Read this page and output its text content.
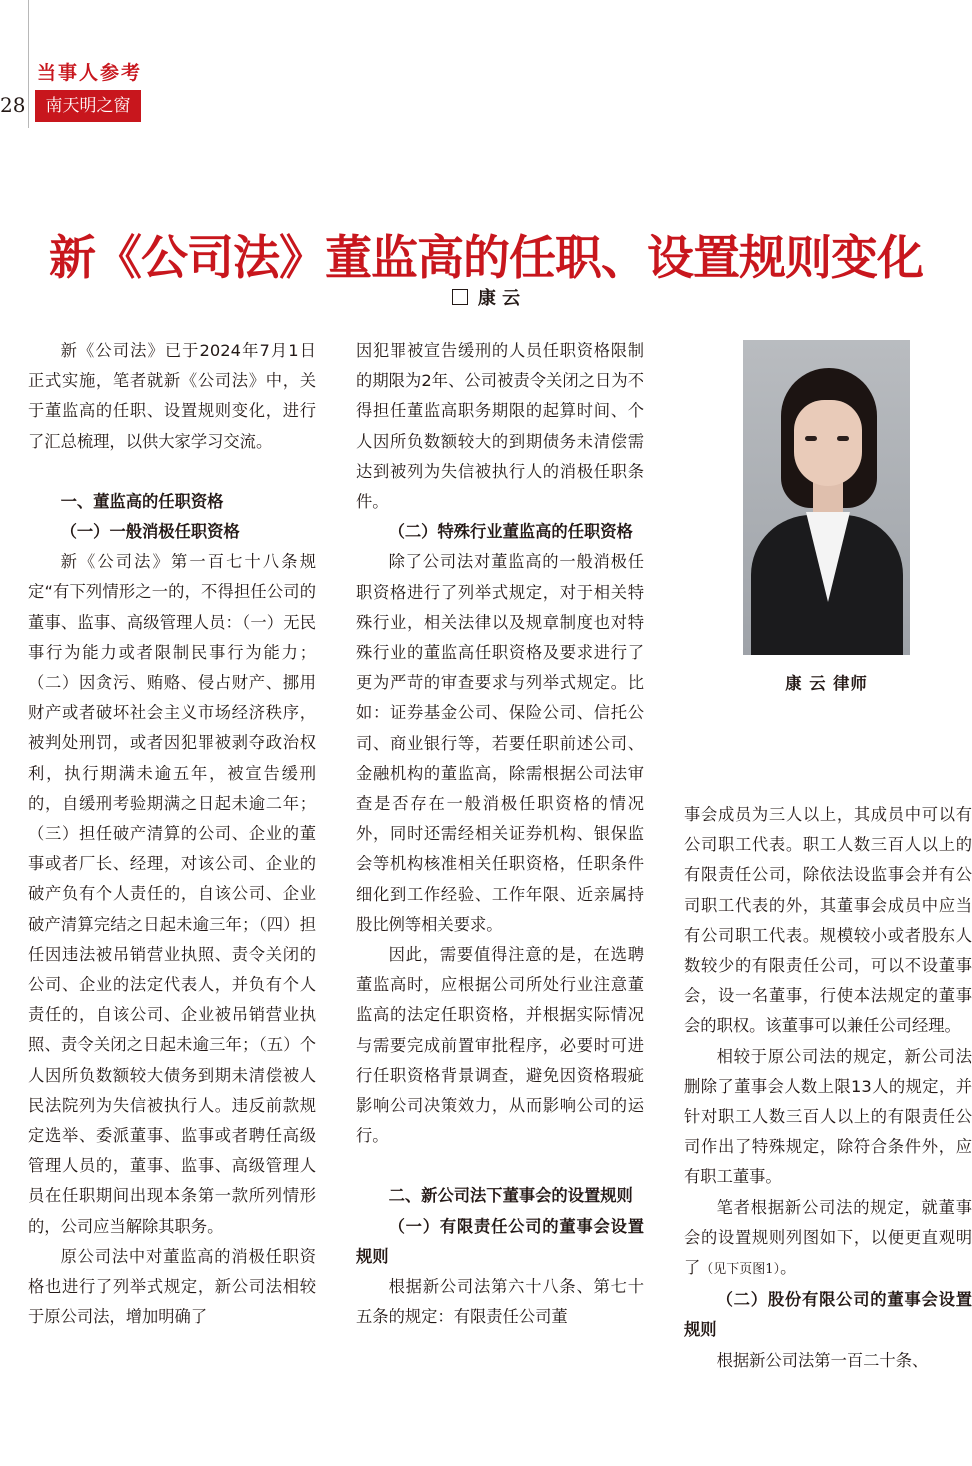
当事人参考
28	南天明之窗
新《公司法》董监高的任职、设置规则变化
康 云

新《公司法》已于2024年7月1日正式实施，笔者就新《公司法》中，关于董监高的任职、设置规则变化，进行了汇总梳理，以供大家学习交流。

一、董监高的任职资格
（一）一般消极任职资格

新《公司法》第一百七十八条规定“有下列情形之一的，不得担任公司的董事、监事、高级管理人员：（一）无民事行为能力或者限制民事行为能力；（二）因贪污、贿赂、侵占财产、挪用财产或者破坏社会主义市场经济秩序，被判处刑罚，或者因犯罪被剥夺政治权利，执行期满未逾五年，被宣告缓刑的，自缓刑考验期满之日起未逾二年；（三）担任破产清算的公司、企业的董事或者厂长、经理，对该公司、企业的破产负有个人责任的，自该公司、企业破产清算完结之日起未逾三年；（四）担任因违法被吊销营业执照、责令关闭的公司、企业的法定代表人，并负有个人责任的，自该公司、企业被吊销营业执照、责令关闭之日起未逾三年；（五）个人因所负数额较大债务到期未清偿被人民法院列为失信被执行人。违反前款规定选举、委派董事、监事或者聘任高级管理人员的，董事、监事、高级管理人员在任职期间出现本条第一款所列情形的，公司应当解除其职务。

原公司法中对董监高的消极任职资格也进行了列举式规定，新公司法相较于原公司法，增加明确了

因犯罪被宣告缓刑的人员任职资格限制的期限为2年、公司被责令关闭之日为不得担任董监高职务期限的起算时间、个人因所负数额较大的到期债务未清偿需达到被列为失信被执行人的消极任职条件。

（二）特殊行业董监高的任职资格

除了公司法对董监高的一般消极任职资格进行了列举式规定，对于相关特殊行业，相关法律以及规章制度也对特殊行业的董监高任职资格及要求进行了更为严苛的审查要求与列举式规定。比如：证券基金公司、保险公司、信托公司、商业银行等，若要任职前述公司、金融机构的董监高，除需根据公司法审查是否存在一般消极任职资格的情况外，同时还需经相关证券机构、银保监会等机构核准相关任职资格，任职条件细化到工作经验、工作年限、近亲属持股比例等相关要求。

因此，需要值得注意的是，在选聘董监高时，应根据公司所处行业注意董监高的法定任职资格，并根据实际情况与需要完成前置审批程序，必要时可进行任职资格背景调查，避免因资格瑕疵影响公司决策效力，从而影响公司的运行。

二、新公司法下董事会的设置规则
（一）有限责任公司的董事会设置规则

根据新公司法第六十八条、第七十五条的规定：有限责任公司董

康 云 律师

事会成员为三人以上，其成员中可以有公司职工代表。职工人数三百人以上的有限责任公司，除依法设监事会并有公司职工代表的外，其董事会成员中应当有公司职工代表。规模较小或者股东人数较少的有限责任公司，可以不设董事会，设一名董事，行使本法规定的董事会的职权。该董事可以兼任公司经理。

相较于原公司法的规定，新公司法删除了董事会人数上限13人的规定，并针对职工人数三百人以上的有限责任公司作出了特殊规定，除符合条件外，应有职工董事。

笔者根据新公司法的规定，就董事会的设置规则列图如下，以便更直观明了（见下页图1）。

（二）股份有限公司的董事会设置规则

根据新公司法第一百二十条、
